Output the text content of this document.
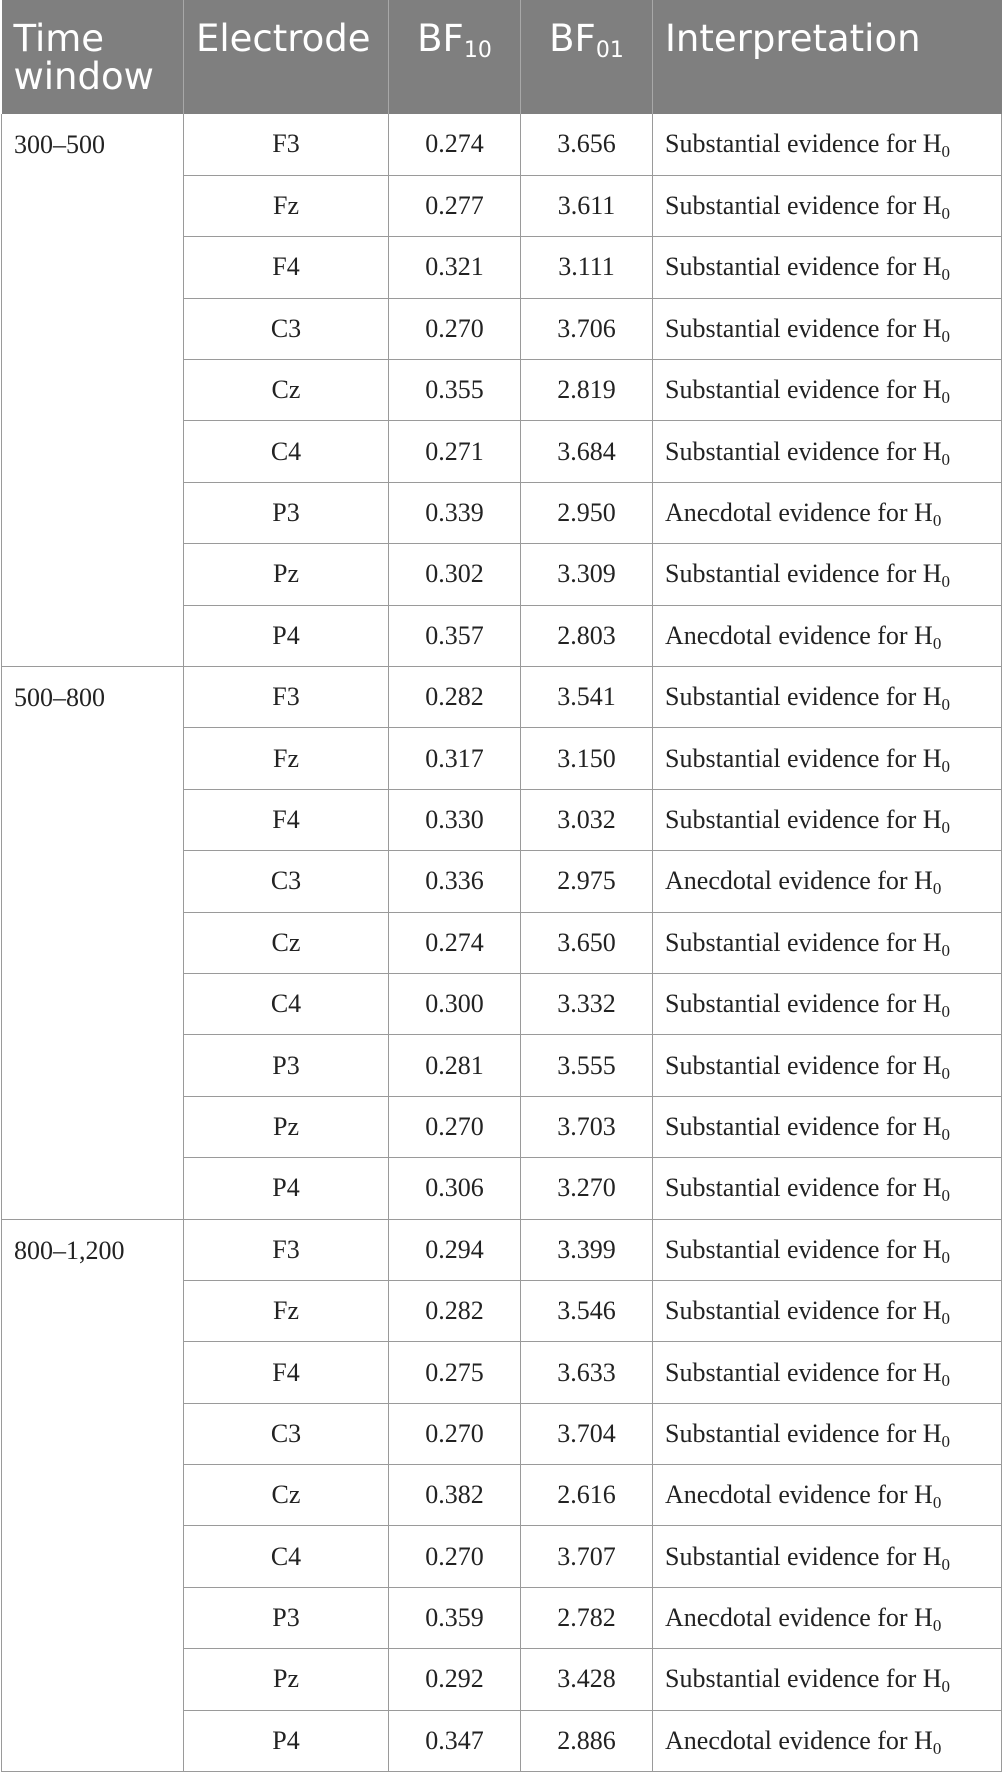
Time
window	Electrode	$BF_{10}$	$BF_{01}$	Interpretation
300–500	F3	0.274	3.656	Substantial evidence for $H_0$
	Fz	0.277	3.611	Substantial evidence for $H_0$
	F4	0.321	3.111	Substantial evidence for $H_0$
	C3	0.270	3.706	Substantial evidence for $H_0$
	Cz	0.355	2.819	Substantial evidence for $H_0$
	C4	0.271	3.684	Substantial evidence for $H_0$
	P3	0.339	2.950	Anecdotal evidence for $H_0$
	Pz	0.302	3.309	Substantial evidence for $H_0$
	P4	0.357	2.803	Anecdotal evidence for $H_0$
500–800	F3	0.282	3.541	Substantial evidence for $H_0$
	Fz	0.317	3.150	Substantial evidence for $H_0$
	F4	0.330	3.032	Substantial evidence for $H_0$
	C3	0.336	2.975	Anecdotal evidence for $H_0$
	Cz	0.274	3.650	Substantial evidence for $H_0$
	C4	0.300	3.332	Substantial evidence for $H_0$
	P3	0.281	3.555	Substantial evidence for $H_0$
	Pz	0.270	3.703	Substantial evidence for $H_0$
	P4	0.306	3.270	Substantial evidence for $H_0$
800–1,200	F3	0.294	3.399	Substantial evidence for $H_0$
	Fz	0.282	3.546	Substantial evidence for $H_0$
	F4	0.275	3.633	Substantial evidence for $H_0$
	C3	0.270	3.704	Substantial evidence for $H_0$
	Cz	0.382	2.616	Anecdotal evidence for $H_0$
	C4	0.270	3.707	Substantial evidence for $H_0$
	P3	0.359	2.782	Anecdotal evidence for $H_0$
	Pz	0.292	3.428	Substantial evidence for $H_0$
	P4	0.347	2.886	Anecdotal evidence for $H_0$
